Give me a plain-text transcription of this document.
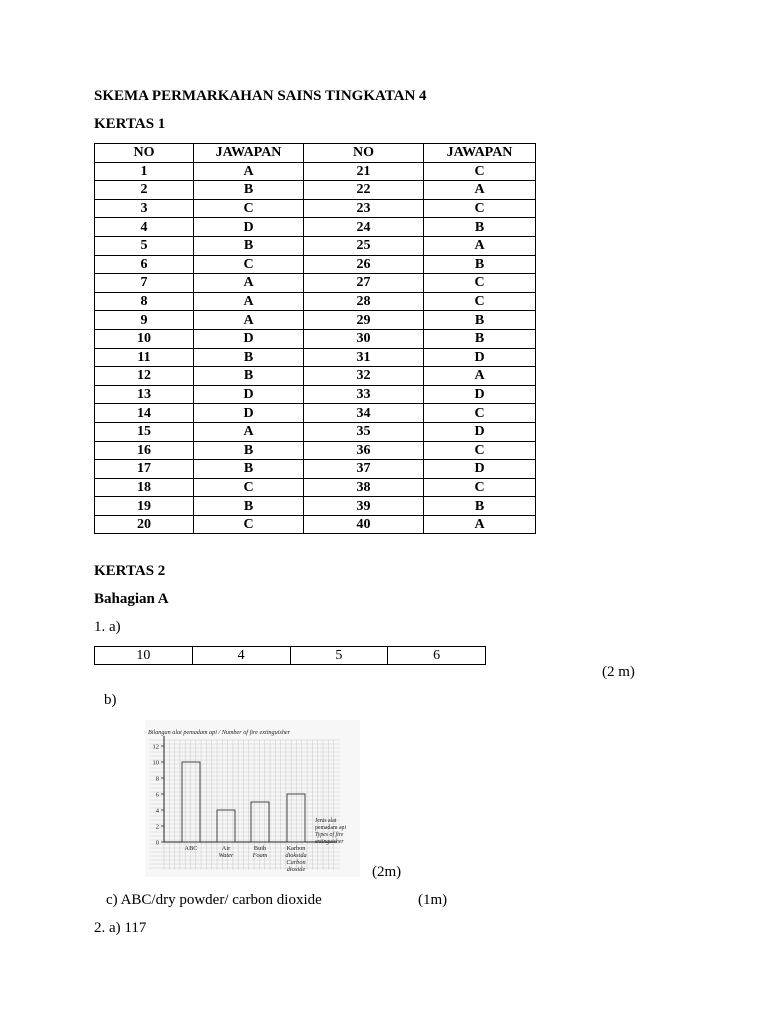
SKEMA PERMARKAHAN SAINS TINGKATAN 4
KERTAS 1
NO	JAWAPAN	NO	JAWAPAN
1	A	21	C
2	B	22	A
3	C	23	C
4	D	24	B
5	B	25	A
6	C	26	B
7	A	27	C
8	A	28	C
9	A	29	B
10	D	30	B
11	B	31	D
12	B	32	A
13	D	33	D
14	D	34	C
15	A	35	D
16	B	36	C
17	B	37	D
18	C	38	C
19	B	39	B
20	C	40	A
KERTAS 2
Bahagian A
1. a)
10	4	5	6
(2 m)
b)
Bilangan alat pemadam api / Number of fire extinguisher
0
2
4
6
8
10
12
ABC	Air
Water
Buih
Foam
Karbon
dioksida
Carbon
dioxide
Jenis alat
pemadam api
Types of fire
extinguisher
(2m)
c) ABC/dry powder/ carbon dioxide	(1m)
2. a) 117
